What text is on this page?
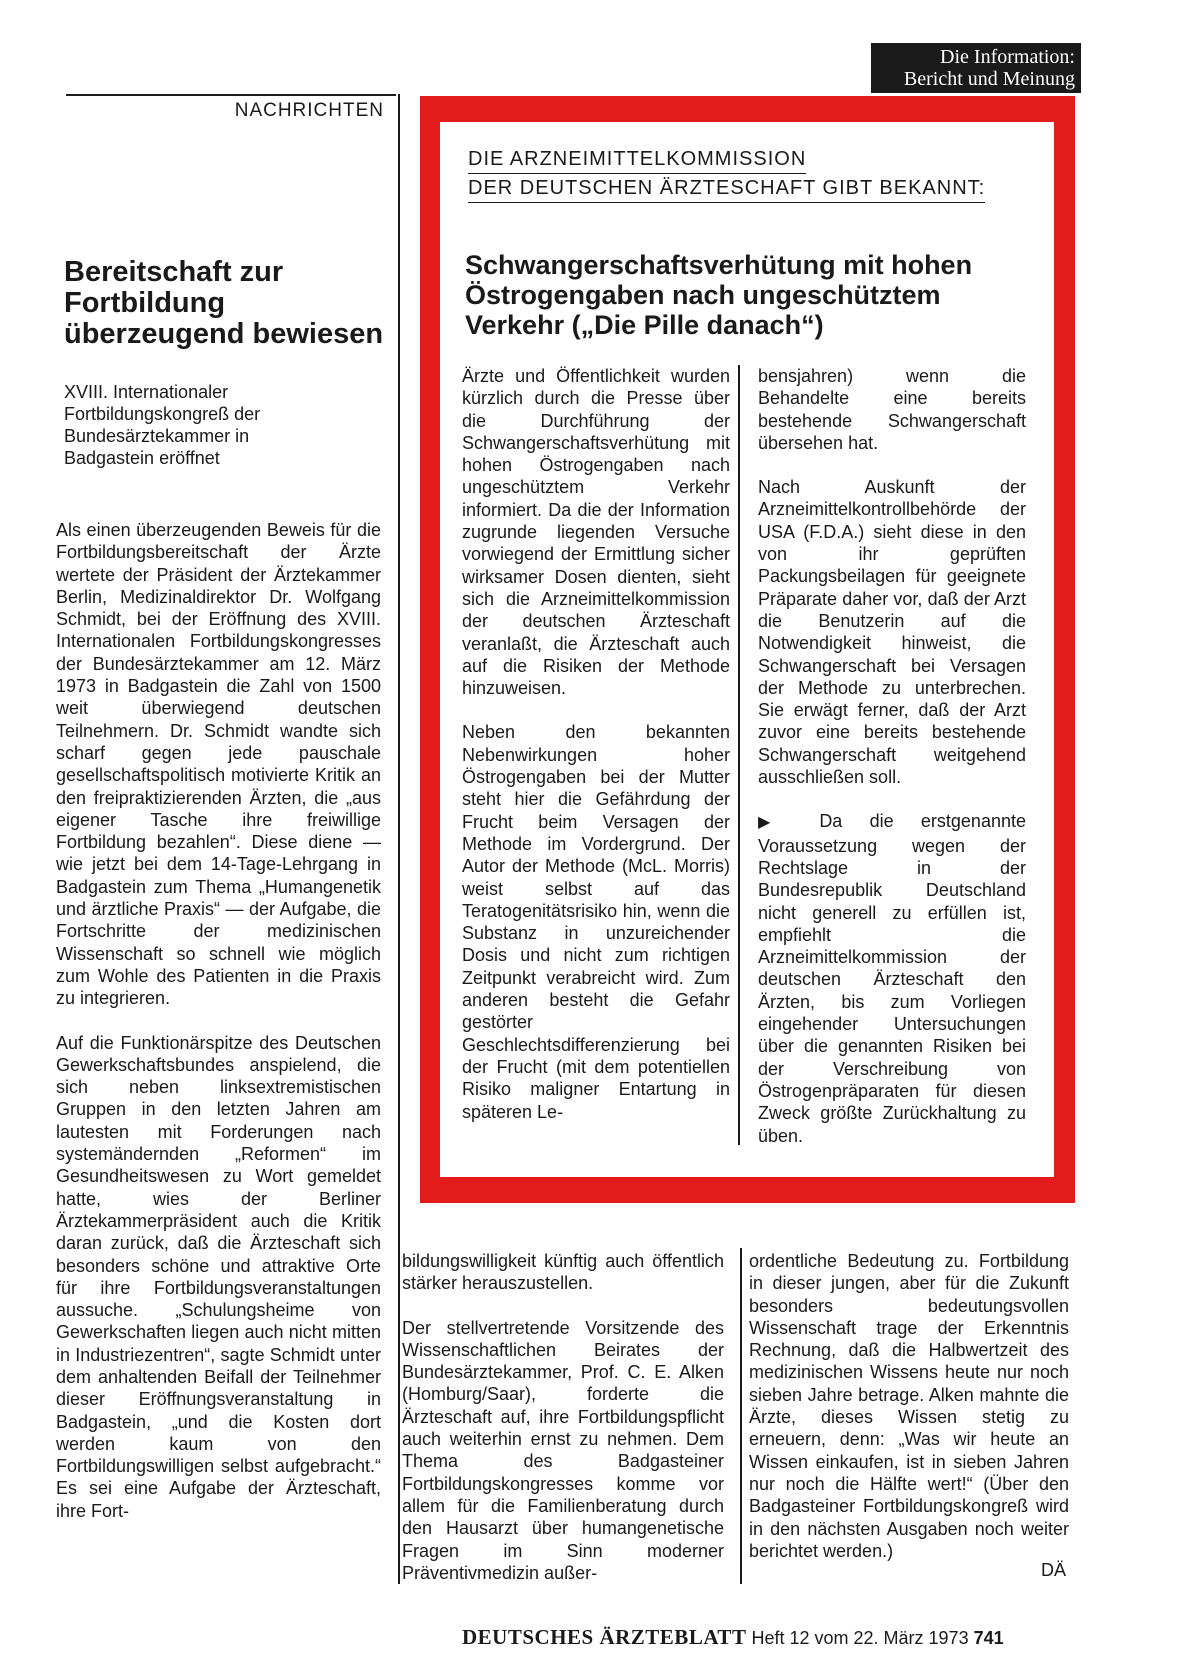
Die Information:
Bericht und Meinung
NACHRICHTEN
Bereitschaft zur Fortbildung überzeugend bewiesen
XVIII. Internationaler Fortbildungskongreß der Bundesärztekammer in Badgastein eröffnet

Als einen überzeugenden Beweis für die Fortbildungsbereitschaft der Ärzte wertete der Präsident der Ärztekammer Berlin, Medizinaldirektor Dr. Wolfgang Schmidt, bei der Eröffnung des XVIII. Internationalen Fortbildungskongresses der Bundesärztekammer am 12. März 1973 in Badgastein die Zahl von 1500 weit überwiegend deutschen Teilnehmern. Dr. Schmidt wandte sich scharf gegen jede pauschale gesellschaftspolitisch motivierte Kritik an den freipraktizierenden Ärzten, die „aus eigener Tasche ihre freiwillige Fortbildung bezahlen“. Diese diene — wie jetzt bei dem 14-Tage-Lehrgang in Badgastein zum Thema „Humangenetik und ärztliche Praxis“ — der Aufgabe, die Fortschritte der medizinischen Wissenschaft so schnell wie möglich zum Wohle des Patienten in die Praxis zu integrieren.

Auf die Funktionärspitze des Deutschen Gewerkschaftsbundes anspielend, die sich neben linksextremistischen Gruppen in den letzten Jahren am lautesten mit Forderungen nach systemändernden „Reformen“ im Gesundheitswesen zu Wort gemeldet hatte, wies der Berliner Ärztekammerpräsident auch die Kritik daran zurück, daß die Ärzteschaft sich besonders schöne und attraktive Orte für ihre Fortbildungsveranstaltungen aussuche. „Schulungsheime von Gewerkschaften liegen auch nicht mitten in Industriezentren“, sagte Schmidt unter dem anhaltenden Beifall der Teilnehmer dieser Eröffnungsveranstaltung in Badgastein, „und die Kosten dort werden kaum von den Fortbildungswilligen selbst aufgebracht.“ Es sei eine Aufgabe der Ärzteschaft, ihre Fort-

DIE ARZNEIMITTELKOMMISSION
DER DEUTSCHEN ÄRZTESCHAFT GIBT BEKANNT:
Schwangerschaftsverhütung mit hohen Östrogengaben nach ungeschütztem Verkehr („Die Pille danach“)

Ärzte und Öffentlichkeit wurden kürzlich durch die Presse über die Durchführung der Schwangerschaftsverhütung mit hohen Östrogengaben nach ungeschütztem Verkehr informiert. Da die der Information zugrunde liegenden Versuche vorwiegend der Ermittlung sicher wirksamer Dosen dienten, sieht sich die Arzneimittelkommission der deutschen Ärzteschaft veranlaßt, die Ärzteschaft auch auf die Risiken der Methode hinzuweisen.

Neben den bekannten Nebenwirkungen hoher Östrogengaben bei der Mutter steht hier die Gefährdung der Frucht beim Versagen der Methode im Vordergrund. Der Autor der Methode (McL. Morris) weist selbst auf das Teratogenitätsrisiko hin, wenn die Substanz in unzureichender Dosis und nicht zum richtigen Zeitpunkt verabreicht wird. Zum anderen besteht die Gefahr gestörter Geschlechtsdifferenzierung bei der Frucht (mit dem potentiellen Risiko maligner Entartung in späteren Le-

bensjahren) wenn die Behandelte eine bereits bestehende Schwangerschaft übersehen hat.

Nach Auskunft der Arzneimittelkontrollbehörde der USA (F.D.A.) sieht diese in den von ihr geprüften Packungsbeilagen für geeignete Präparate daher vor, daß der Arzt die Benutzerin auf die Notwendigkeit hinweist, die Schwangerschaft bei Versagen der Methode zu unterbrechen. Sie erwägt ferner, daß der Arzt zuvor eine bereits bestehende Schwangerschaft weitgehend ausschließen soll.

▶ Da die erstgenannte Voraussetzung wegen der Rechtslage in der Bundesrepublik Deutschland nicht generell zu erfüllen ist, empfiehlt die Arzneimittelkommission der deutschen Ärzteschaft den Ärzten, bis zum Vorliegen eingehender Untersuchungen über die genannten Risiken bei der Verschreibung von Östrogenpräparaten für diesen Zweck größte Zurückhaltung zu üben.

bildungswilligkeit künftig auch öffentlich stärker herauszustellen.

Der stellvertretende Vorsitzende des Wissenschaftlichen Beirates der Bundesärztekammer, Prof. C. E. Alken (Homburg/Saar), forderte die Ärzteschaft auf, ihre Fortbildungspflicht auch weiterhin ernst zu nehmen. Dem Thema des Badgasteiner Fortbildungskongresses komme vor allem für die Familienberatung durch den Hausarzt über humangenetische Fragen im Sinn moderner Präventivmedizin außer-

ordentliche Bedeutung zu. Fortbildung in dieser jungen, aber für die Zukunft besonders bedeutungsvollen Wissenschaft trage der Erkenntnis Rechnung, daß die Halbwertzeit des medizinischen Wissens heute nur noch sieben Jahre betrage. Alken mahnte die Ärzte, dieses Wissen stetig zu erneuern, denn: „Was wir heute an Wissen einkaufen, ist in sieben Jahren nur noch die Hälfte wert!“ (Über den Badgasteiner Fortbildungskongreß wird in den nächsten Ausgaben noch weiter berichtet werden.)

DÄ
DEUTSCHES ÄRZTEBLATT Heft 12 vom 22. März 1973 741
